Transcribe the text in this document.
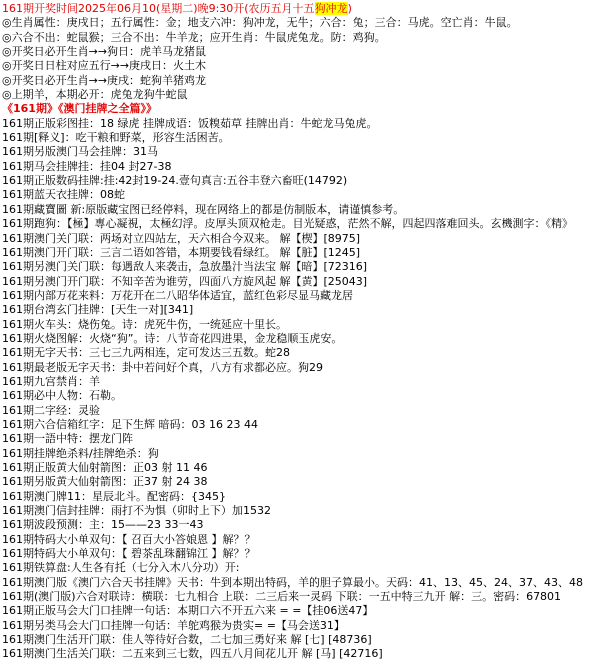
161期开奖时间2025年06月10(星期二)晚9:30开(农历五月十五狗冲龙)
◎生肖属性：庚戌日；五行属性：金；地支六冲：狗冲龙，无牛；六合：兔；三合：马虎。空亡肖：牛鼠。
◎六合不出：蛇鼠猴；三合不出：牛羊龙；应开生肖：牛鼠虎兔龙。防：鸡狗。
◎开奖日必开生肖→→狗日：虎羊马龙猪鼠
◎开奖日日柱对应五行→→庚戌日：火土木
◎开奖日必开生肖→→庚戌：蛇狗羊猪鸡龙
◎上期羊，本期必开：虎兔龙狗牛蛇鼠
《161期》《澳门挂牌之全篇》》
161期正版彩图挂：18 绿虎 挂牌成语：饭糗茹草 挂牌出肖：牛蛇龙马兔虎。
161期[释义]：吃干粮和野菜，形容生活困苦。
161期另版澳门马会挂牌：31马
161期马会挂牌挂：挂04 封27-38
161期正版数码挂牌:挂:42封19-24.壹句真言:五谷丰登六畜旺(14792)
161期蓝天衣挂牌：08蛇
161期藏寶圖 新:原版藏宝图已经停料，现在网络上的都是仿制版本，请谨慎参考。
161期跑狗：【極】專心凝視，太極幻浮。皮厚头顶双枪走。目光疑惑，茫然不解，四起四落难回头。玄機測字：《精》
161期澳门关门联：两场对立四站左，天六相合今双来。 解【楔】[8975]
161期澳门开门联：三言二语如答错，本期要钱看绿红。 解【脏】[1245]
161期另澳门关门联：每遇敌人来袭击，急放墨汁当法宝 解【暗】[72316]
161期另澳门开门联：不知辛苦为谁劳，四面八方旋风起 解【黄】[25043]
161期内部万花来料：万花开在二八昭华体适宜，蓝红色彩尽显马藏龙居
161期台湾玄门挂牌：[天生一对][341]
161期火车头：烧伤兔。诗：虎死牛伤，一统延应十里长。
161期火烧图解：火烧“狗”。诗：八节奇花四进果，金龙稳顺玉虎安。
161期无字天书：三七三九两相连，定可发达三五数。蛇28
161期最老版无字天书：卦中若问好个真，八方有求都必应。狗29
161期九宫禁肖：羊
161期必中人物：石勒。
161期二字经：灵验
161期六合信箱红字：足下生辉 暗码：03 16 23 44
161期一語中特：摆龙门阵
161期挂牌绝杀料/挂牌绝杀：狗
161期正版黄大仙射箭图：正03 射 11 46
161期另版黄大仙射箭图：正37 射 24 38
161期澳门牌11：星辰北斗。配密码：{345}
161期澳门信封挂牌：雨打不为惧（卯时上下）加1532
161期波段预测：主：15——23 33一43
161期特码大小单双句：【 召百大小答娘恩 】解？？
161期特码大小单双句：【 碧茶乱珠翻锦江 】解？？
161期铁算盘:人生各有托（七分入木八分功）开:
161期澳门版《澳门六合天书挂牌》天书：牛到本期出特码，羊的胆子算最小。天码：41、13、45、24、37、43、48
161期(澳门版)六合对联诗：横联：七九相合 上联：二三后来一灵码 下联：一五中特三九开 解：三。密码：67801
161期正版马会大门口挂牌一句话：本期口六不开五六来 = =【挂06送47】
161期另类马会大门口挂牌一句话：羊鸵鸡猴为贵实= =【马会送31】
161期澳门生活开门联：佳人等待好合数，二七加三勇好来 解 [七] [48736]
161期澳门生活关门联：二五来到三七数，四五八月间花儿开 解 [马] [42716]
